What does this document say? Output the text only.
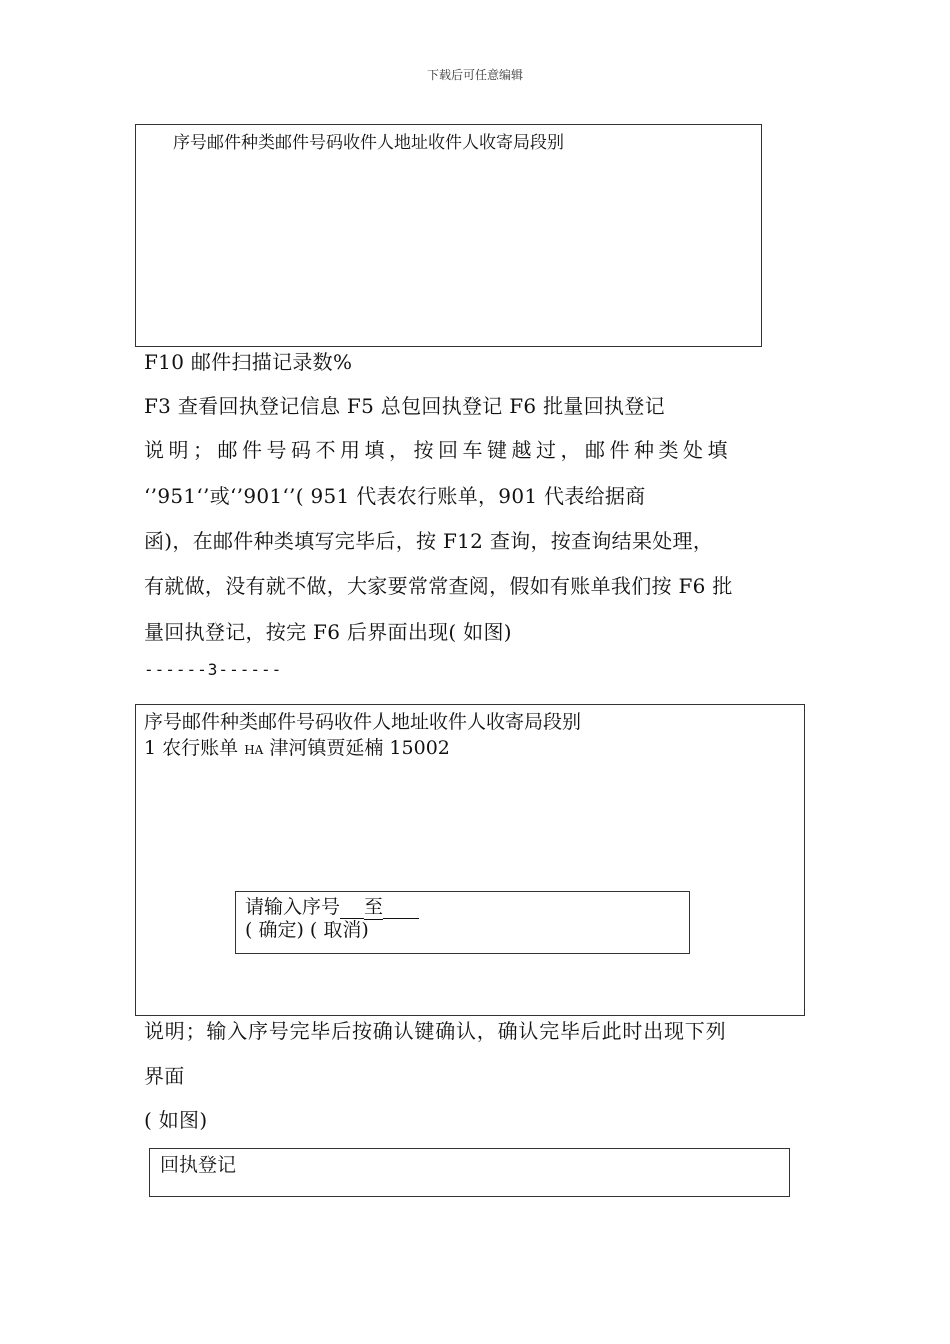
下载后可任意编辑
序号邮件种类邮件号码收件人地址收件人收寄局段别
F10 邮件扫描记录数%
F3 查看回执登记信息 F5 总包回执登记 F6 批量回执登记
说明；邮件号码不用填，按回车键越过，邮件种类处填
‘’951‘’或‘’901‘’( 951 代表农行账单，901 代表给据商
函)，在邮件种类填写完毕后，按 F12 查询，按查询结果处理，
有就做，没有就不做，大家要常常查阅，假如有账单我们按 F6 批
量回执登记，按完 F6 后界面出现( 如图)
------3------
序号邮件种类邮件号码收件人地址收件人收寄局段别
1 农行账单 HA 津河镇贾延楠 15002
请输入序号 至
( 确定) ( 取消)
说明；输入序号完毕后按确认键确认，确认完毕后此时出现下列
界面
( 如图)
回执登记
